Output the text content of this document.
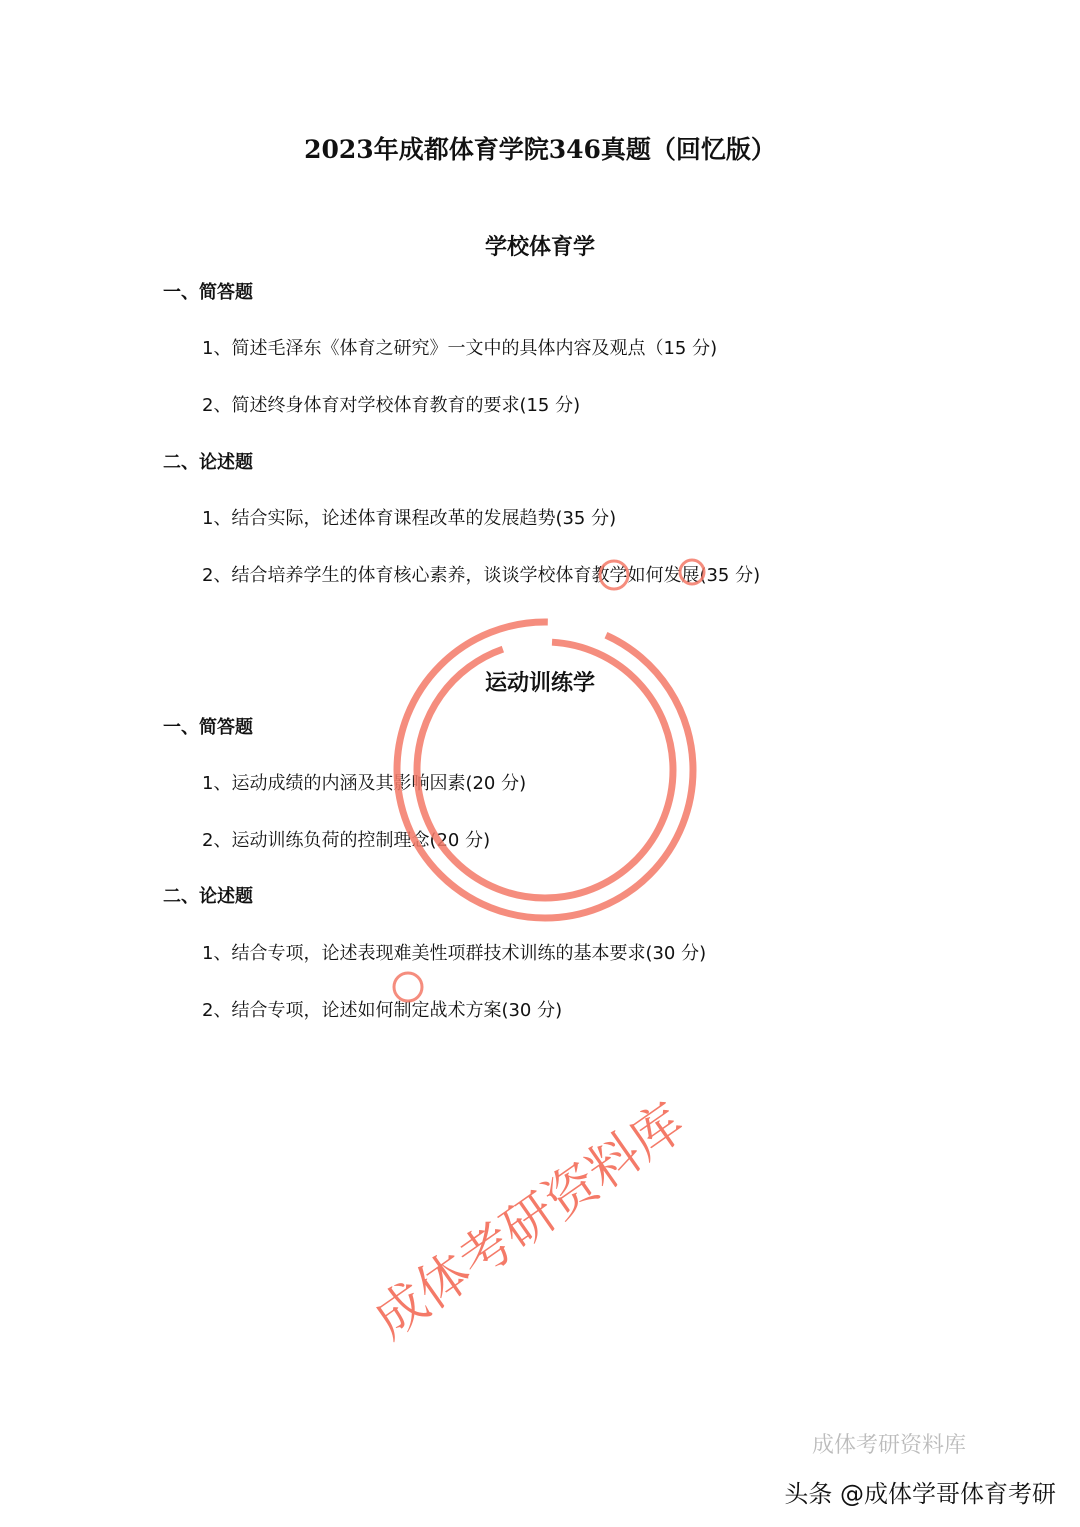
2023年成都体育学院346真题（回忆版）
学校体育学
一、简答题
1、简述毛泽东《体育之研究》一文中的具体内容及观点（15 分)
2、简述终身体育对学校体育教育的要求(15 分)
二、论述题
1、结合实际，论述体育课程改革的发展趋势(35 分)
2、结合培养学生的体育核心素养，谈谈学校体育教学如何发展(35 分)
运动训练学
一、简答题
1、运动成绩的内涵及其影响因素(20 分)
2、运动训练负荷的控制理念(20 分)
二、论述题
1、结合专项，论述表现难美性项群技术训练的基本要求(30 分)
2、结合专项，论述如何制定战术方案(30 分)
成体考研资料库
成体考研资料库
头条 @成体学哥体育考研
